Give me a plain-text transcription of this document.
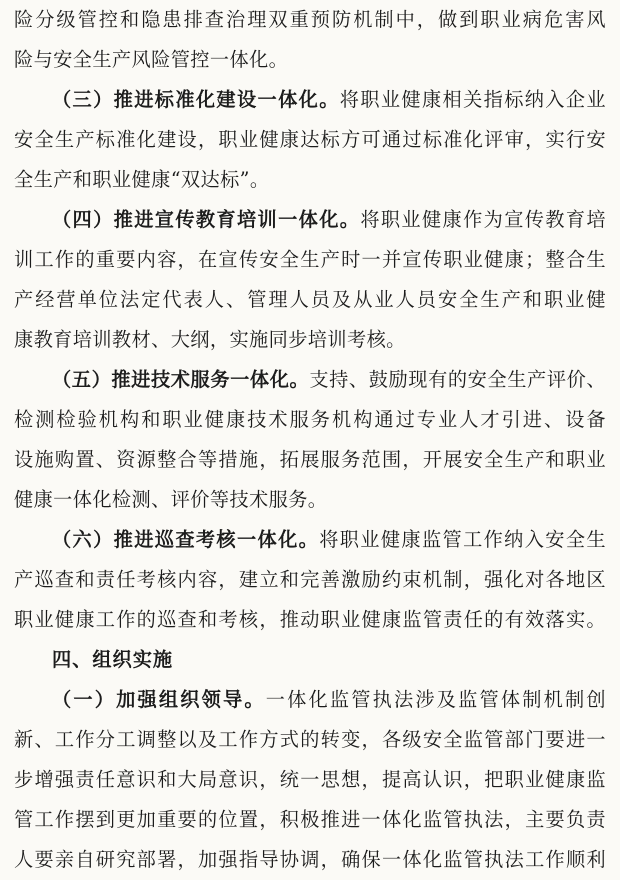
险分级管控和隐患排查治理双重预防机制中，做到职业病危害风
险与安全生产风险管控一体化。
（三）推进标准化建设一体化。将职业健康相关指标纳入企业
安全生产标准化建设，职业健康达标方可通过标准化评审，实行安
全生产和职业健康“双达标”。
（四）推进宣传教育培训一体化。将职业健康作为宣传教育培
训工作的重要内容，在宣传安全生产时一并宣传职业健康；整合生
产经营单位法定代表人、管理人员及从业人员安全生产和职业健
康教育培训教材、大纲，实施同步培训考核。
（五）推进技术服务一体化。支持、鼓励现有的安全生产评价、
检测检验机构和职业健康技术服务机构通过专业人才引进、设备
设施购置、资源整合等措施，拓展服务范围，开展安全生产和职业
健康一体化检测、评价等技术服务。
（六）推进巡查考核一体化。将职业健康监管工作纳入安全生
产巡查和责任考核内容，建立和完善激励约束机制，强化对各地区
职业健康工作的巡查和考核，推动职业健康监管责任的有效落实。
四、组织实施
（一）加强组织领导。一体化监管执法涉及监管体制机制创
新、工作分工调整以及工作方式的转变，各级安全监管部门要进一
步增强责任意识和大局意识，统一思想，提高认识，把职业健康监
管工作摆到更加重要的位置，积极推进一体化监管执法，主要负责
人要亲自研究部署，加强指导协调，确保一体化监管执法工作顺利
